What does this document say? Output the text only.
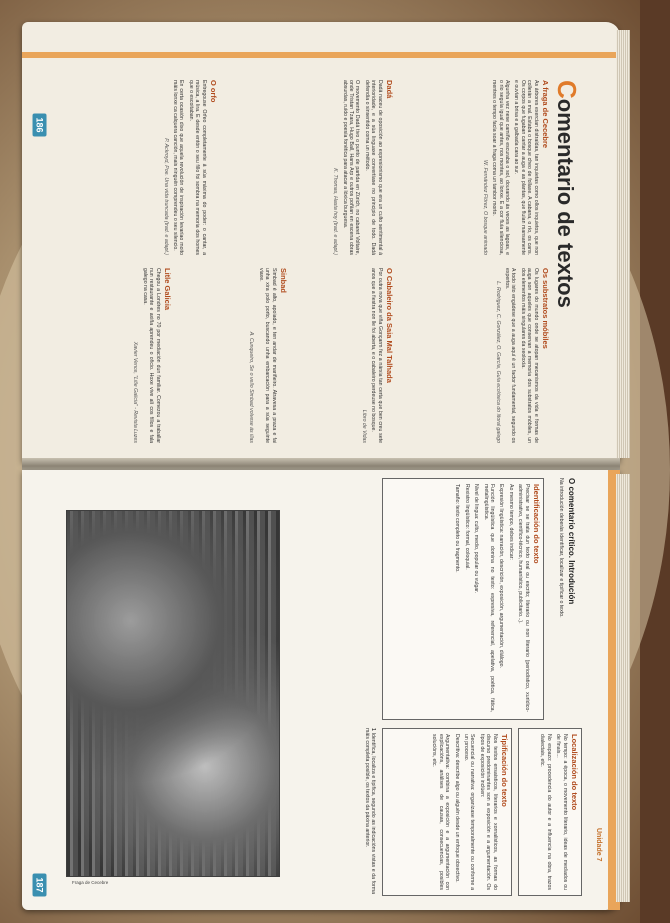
186
Comentario de textos
A fraga de Cecebre

As árbores exercían distraídas, tan inquietas como ollos inquietos, que non collerán a mal. Estaba o bosque cheo de follaxe. A cabana, o río, os cans. Os corpos que fugaban cantar a auga e as plantas, que fluían mansamente e ouvían a brisa e a galbada cara ao sur.

Algunha vez nese camiño escuraba o sol, dourando ás veces as lagoas, e o río seguía igual que antes, nos montes, ao lonxe. E a cor fluía silenciosa, mentres o tempo facía soar a fraga coma un tambor morto.

W. Fernández Flórez, O bosque animado

Dadá

Dadá naceu de oposición ao expresionismo que era un culto sentimental á interioridade, e a súa linguaxe convertíase no principio de todo. Dadá defendía o sinsentido coma un método.

O movemento Dadá tivo o punto de partida en Zürich, no cabaret Voltaire, onde Tristan Tzara, Hugo Ball, Hans Arp e outros poñían en escena obras absurdas, ruído e poesía fonética para atacar a lóxica burguesa.

K. Thomas, Hasta hoy (trad. e adapt.)

O orfo

Entregouse Orfeo completamente á súa máxima do poder: o cantar, a música, a lira. E desde entón o seu fillo foi sombra na memoria dos homes que o escoitaban.

En certa ocasión dixo que aquela revolución de inspiración levaríao moito máis lonxe ca calquera canción, mais ninguén comprendeu o seu silencio.

P. Ackroyd, Poe. Una vida truncada (trad. e adapt.)

Os substratos móbiles

Os lugares do mundo onde se atopan mecanismos da vida e formas de auga son aqueles que conservan a memoria dos substratos móbiles, un dos elementos máis singulares da xeoloxía.

A todo isto engádese que a auga aquí é un factor fundamental, segundo os expertos.

L. Rodríguez, C. González, O. García, Guía ecolóxica do litoral galego

O Cabaleiro da Saia Mal Talhada

Por outra nova que viña Gonçarm fez a nárxia tan certa que ben creu sete anos que a fiestra non lle foi aberta, e o cabaleiro perdeuse no bosque.

Libro de Vidas

Sinbad

Simbad é alto, apoiado, e ten andar de mariñeiro. Atravesa a praza e fai unha xira polo porto, buscando unha embarcación para a súa seguinte viaxe.

A. Cunqueiro, Se o vello Simbad volvese ás illas

Litle Galicia

Chegou a Londres no 70 por mediación dun familiar. Comezou a traballar nun restaurante e axiña aprendeu o oficio. Hoxe vive alí cos fillos e fala galego na casa.

Xavier Vence, "Litle Galicia" - Revista Luzes

187
Unidade 7
O comentario crítico. Introdución
Na introdución deberás identificar, localizar e tipificar o texto.
Identificación do texto

Precisar se se trata dun texto oral ou escrito; literario ou non literario (periodístico, xurídico-administrativo, científico-técnico, humanístico, publicitario...).

Ao mesmo tempo, debes indicar:

Expresión lingüística: narración, descrición, exposición, argumentación, diálogo.

Función lingüística que domina no texto: expresiva, referencial, apelativa, poética, fática, metalingüística.

Nivel de lingua: culto, medio, popular ou vulgar.

Rexistro lingüístico: formal, coloquial.

Tamaño: texto completo ou fragmento.

Localización do texto

No tempo: a época, o movemento literario, ideas de mediados ou de finais...

No espazo: procedencia do autor e a influencia na obra, trazos dialectais, etc.

Tipificación do texto

Nos textos ensaísticos, literarios e xornalísticos, as formas do discurso predominantes son a exposición e a argumentación. Os tipos de exposición inclúen:

Secuencial ou narrativa: organizase temporalmente ou conforme a un proceso.

Descritiva: describe algo ou alguén desde un enfoque obxectivo.

Argumentativa: combina a exposición e a argumentación con explicacións, análises de causas, consecuencias, posibles solucións, etc.

1 Identifica, localiza e tipifica, segundo as indicacións vistas e da forma máis completa posible, os textos da páxina anterior.

Fraga de Cecebre
